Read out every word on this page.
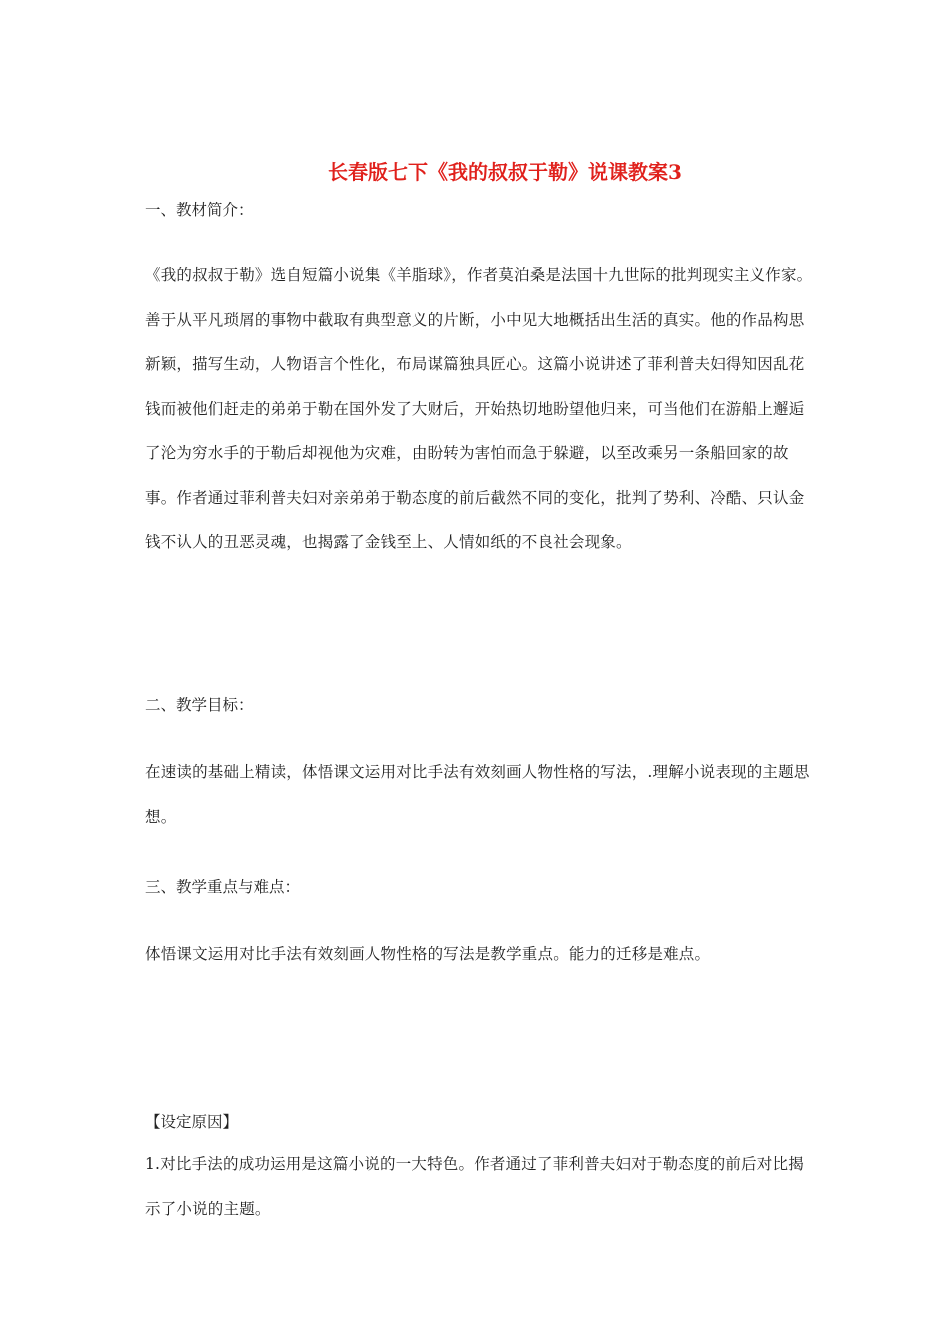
长春版七下《我的叔叔于勒》说课教案3
一、教材简介：

《我的叔叔于勒》选自短篇小说集《羊脂球》，作者莫泊桑是法国十九世际的批判现实主义作家。善于从平凡琐屑的事物中截取有典型意义的片断，小中见大地概括出生活的真实。他的作品构思新颖，描写生动，人物语言个性化，布局谋篇独具匠心。这篇小说讲述了菲利普夫妇得知因乱花钱而被他们赶走的弟弟于勒在国外发了大财后，开始热切地盼望他归来，可当他们在游船上邂逅了沦为穷水手的于勒后却视他为灾难，由盼转为害怕而急于躲避，以至改乘另一条船回家的故事。作者通过菲利普夫妇对亲弟弟于勒态度的前后截然不同的变化，批判了势利、冷酷、只认金钱不认人的丑恶灵魂，也揭露了金钱至上、人情如纸的不良社会现象。

二、教学目标：

在速读的基础上精读，体悟课文运用对比手法有效刻画人物性格的写法，.理解小说表现的主题思想。

三、教学重点与难点：

体悟课文运用对比手法有效刻画人物性格的写法是教学重点。能力的迁移是难点。

【设定原因】

1.对比手法的成功运用是这篇小说的一大特色。作者通过了菲利普夫妇对于勒态度的前后对比揭示了小说的主题。
